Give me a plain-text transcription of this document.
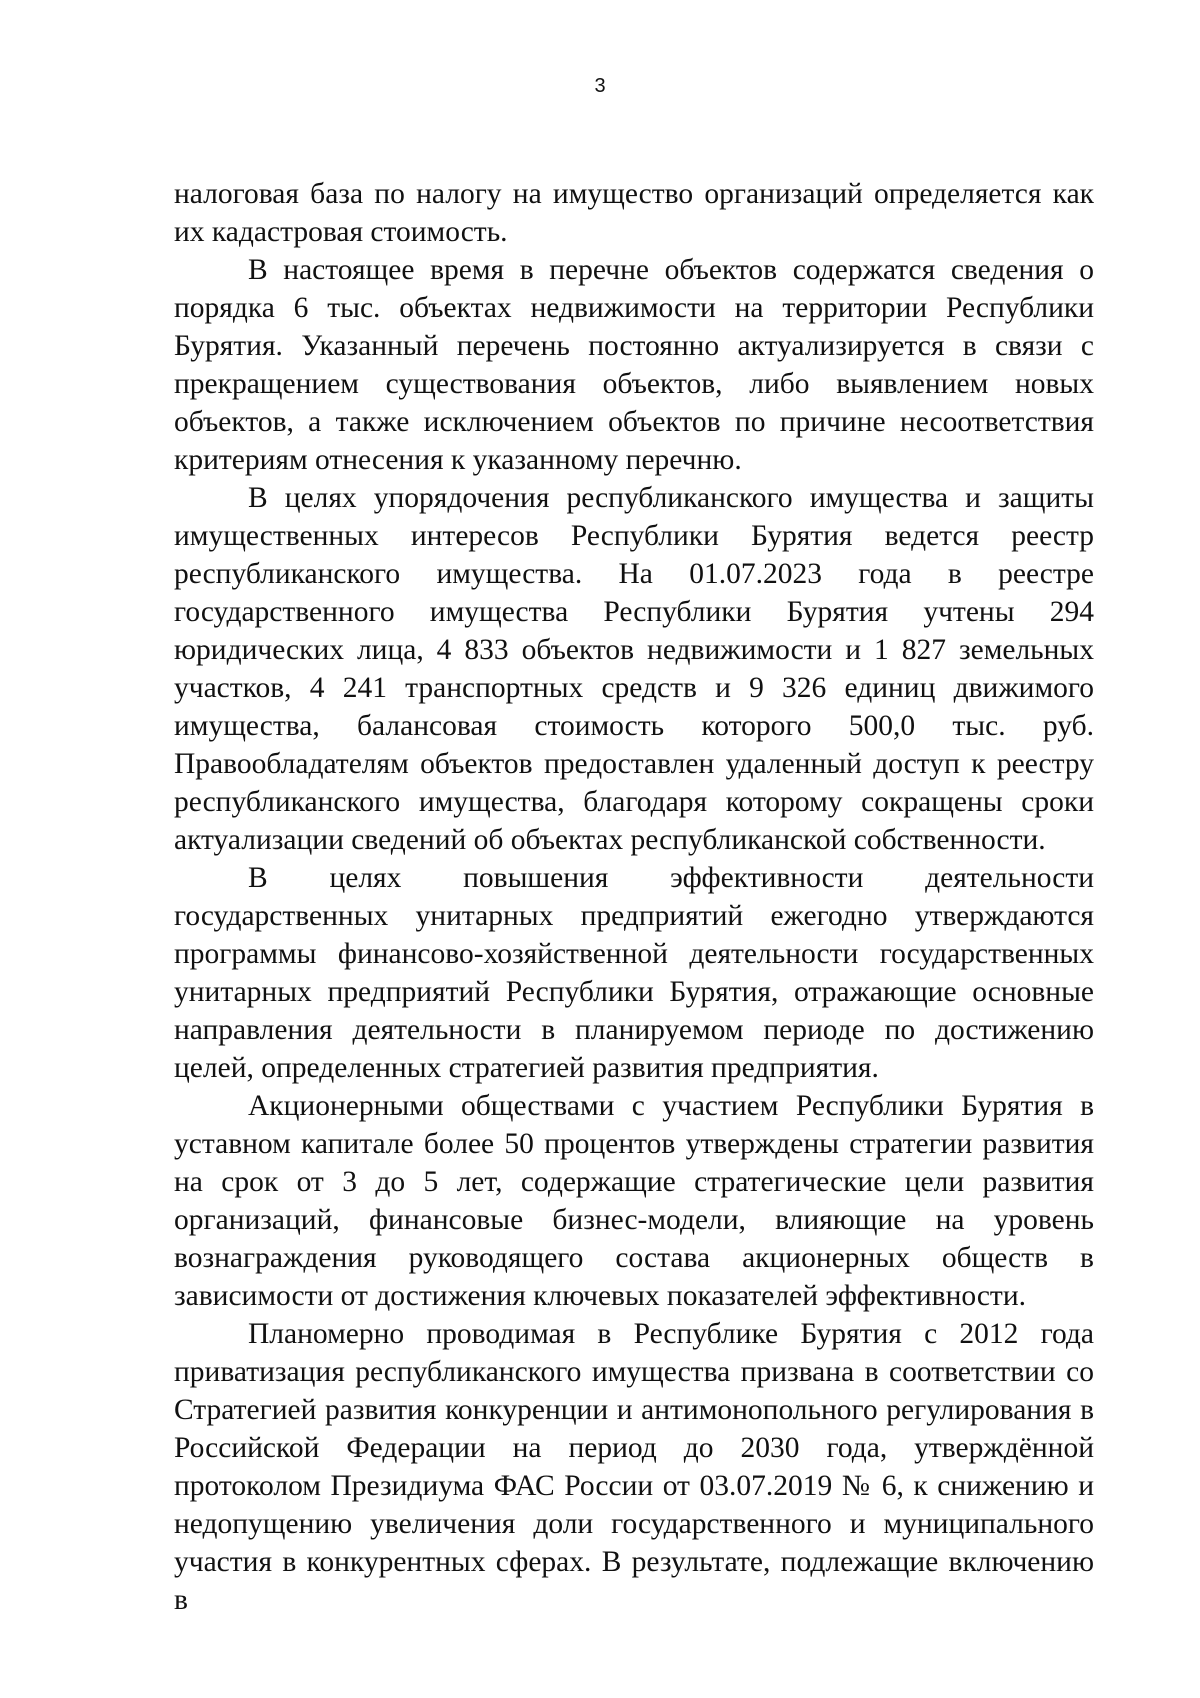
3

налоговая база по налогу на имущество организаций определяется как их кадастровая стоимость.

В настоящее время в перечне объектов содержатся сведения о порядка 6 тыс. объектах недвижимости на территории Республики Бурятия. Указанный перечень постоянно актуализируется в связи с прекращением существования объектов, либо выявлением новых объектов, а также исключением объектов по причине несоответствия критериям отнесения к указанному перечню.

В целях упорядочения республиканского имущества и защиты имущественных интересов Республики Бурятия ведется реестр республиканского имущества. На 01.07.2023 года в реестре государственного имущества Республики Бурятия учтены 294 юридических лица, 4 833 объектов недвижимости и 1 827 земельных участков, 4 241 транспортных средств и 9 326 единиц движимого имущества, балансовая стоимость которого 500,0 тыс. руб. Правообладателям объектов предоставлен удаленный доступ к реестру республиканского имущества, благодаря которому сокращены сроки актуализации сведений об объектах республиканской собственности.

В целях повышения эффективности деятельности государственных унитарных предприятий ежегодно утверждаются программы финансово-хозяйственной деятельности государственных унитарных предприятий Республики Бурятия, отражающие основные направления деятельности в планируемом периоде по достижению целей, определенных стратегией развития предприятия.

Акционерными обществами с участием Республики Бурятия в уставном капитале более 50 процентов утверждены стратегии развития на срок от 3 до 5 лет, содержащие стратегические цели развития организаций, финансовые бизнес-модели, влияющие на уровень вознаграждения руководящего состава акционерных обществ в зависимости от достижения ключевых показателей эффективности.

Планомерно проводимая в Республике Бурятия с 2012 года приватизация республиканского имущества призвана в соответствии со Стратегией развития конкуренции и антимонопольного регулирования в Российской Федерации на период до 2030 года, утверждённой протоколом Президиума ФАС России от 03.07.2019 № 6, к снижению и недопущению увеличения доли государственного и муниципального участия в конкурентных сферах. В результате, подлежащие включению в
